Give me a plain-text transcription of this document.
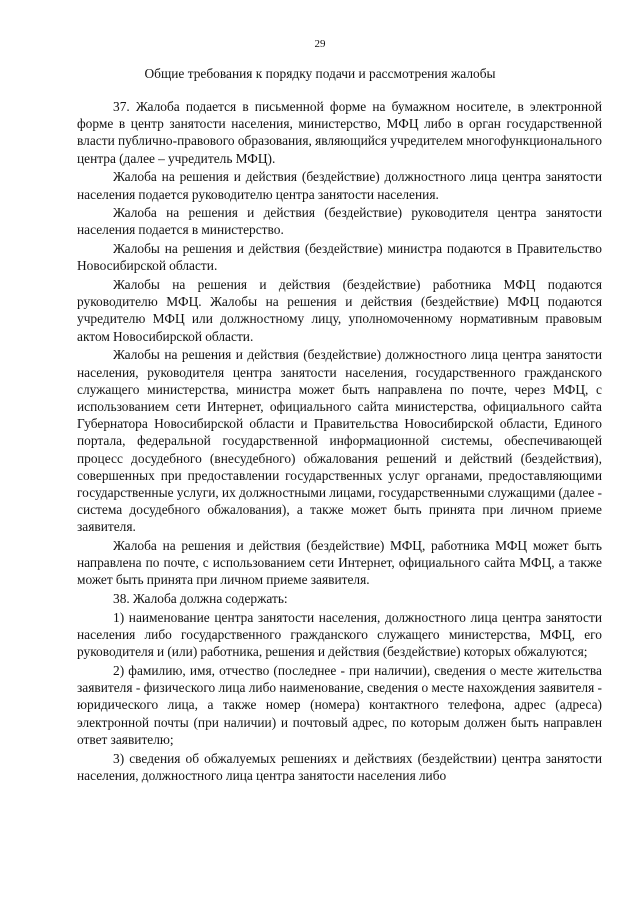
29
Общие требования к порядку подачи и рассмотрения жалобы

37. Жалоба подается в письменной форме на бумажном носителе, в электронной форме в центр занятости населения, министерство, МФЦ либо в орган государственной власти публично-правового образования, являющийся учредителем многофункционального центра (далее – учредитель МФЦ).

Жалоба на решения и действия (бездействие) должностного лица центра занятости населения подается руководителю центра занятости населения.

Жалоба на решения и действия (бездействие) руководителя центра занятости населения подается в министерство.

Жалобы на решения и действия (бездействие) министра подаются в Правительство Новосибирской области.

Жалобы на решения и действия (бездействие) работника МФЦ подаются руководителю МФЦ. Жалобы на решения и действия (бездействие) МФЦ подаются учредителю МФЦ или должностному лицу, уполномоченному нормативным правовым актом Новосибирской области.

Жалобы на решения и действия (бездействие) должностного лица центра занятости населения, руководителя центра занятости населения, государственного гражданского служащего министерства, министра может быть направлена по почте, через МФЦ, с использованием сети Интернет, официального сайта министерства, официального сайта Губернатора Новосибирской области и Правительства Новосибирской области, Единого портала, федеральной государственной информационной системы, обеспечивающей процесс досудебного (внесудебного) обжалования решений и действий (бездействия), совершенных при предоставлении государственных услуг органами, предоставляющими государственные услуги, их должностными лицами, государственными служащими (далее - система досудебного обжалования), а также может быть принята при личном приеме заявителя.

Жалоба на решения и действия (бездействие) МФЦ, работника МФЦ может быть направлена по почте, с использованием сети Интернет, официального сайта МФЦ, а также может быть принята при личном приеме заявителя.

38. Жалоба должна содержать:

1) наименование центра занятости населения, должностного лица центра занятости населения либо государственного гражданского служащего министерства, МФЦ, его руководителя и (или) работника, решения и действия (бездействие) которых обжалуются;

2) фамилию, имя, отчество (последнее - при наличии), сведения о месте жительства заявителя - физического лица либо наименование, сведения о месте нахождения заявителя - юридического лица, а также номер (номера) контактного телефона, адрес (адреса) электронной почты (при наличии) и почтовый адрес, по которым должен быть направлен ответ заявителю;

3) сведения об обжалуемых решениях и действиях (бездействии) центра занятости населения, должностного лица центра занятости населения либо
